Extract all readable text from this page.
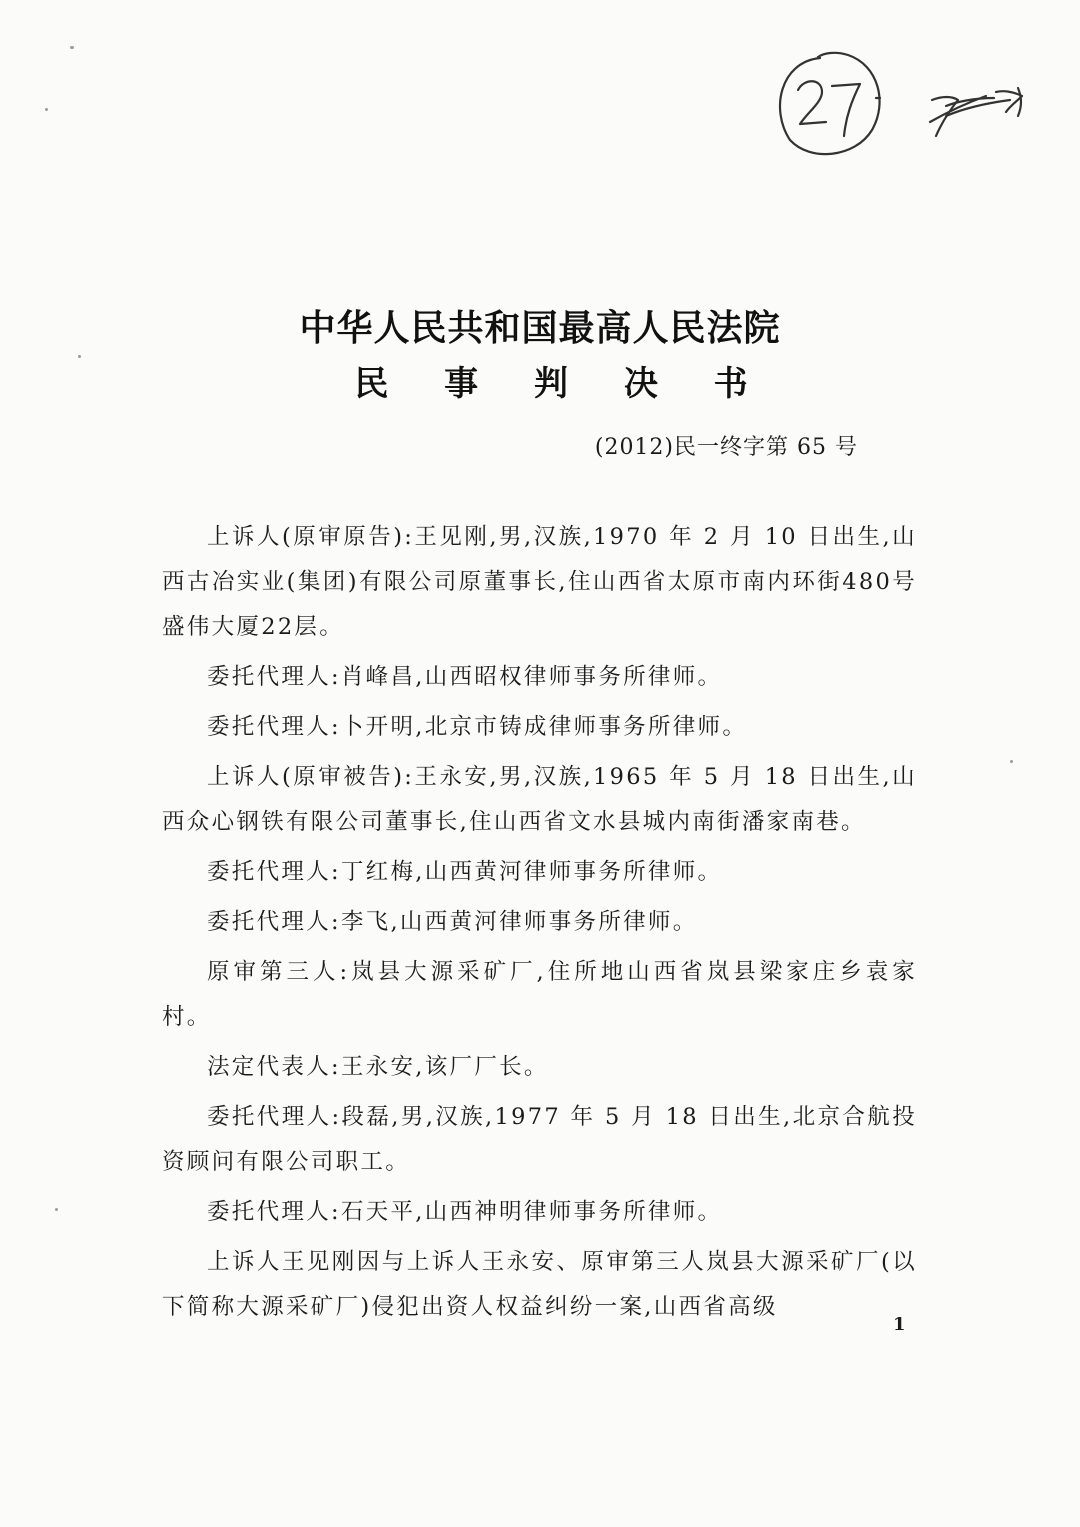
中华人民共和国最高人民法院
民 事 判 决 书

(2012)民一终字第 65 号

上诉人(原审原告):王见刚,男,汉族,1970 年 2 月 10 日出生,山西古冶实业(集团)有限公司原董事长,住山西省太原市南内环街480号盛伟大厦22层。

委托代理人:肖峰昌,山西昭权律师事务所律师。

委托代理人:卜开明,北京市铸成律师事务所律师。

上诉人(原审被告):王永安,男,汉族,1965 年 5 月 18 日出生,山西众心钢铁有限公司董事长,住山西省文水县城内南街潘家南巷。

委托代理人:丁红梅,山西黄河律师事务所律师。

委托代理人:李飞,山西黄河律师事务所律师。

原审第三人:岚县大源采矿厂,住所地山西省岚县梁家庄乡袁家村。

法定代表人:王永安,该厂厂长。

委托代理人:段磊,男,汉族,1977 年 5 月 18 日出生,北京合航投资顾问有限公司职工。

委托代理人:石天平,山西神明律师事务所律师。

上诉人王见刚因与上诉人王永安、原审第三人岚县大源采矿厂(以下简称大源采矿厂)侵犯出资人权益纠纷一案,山西省高级

1
